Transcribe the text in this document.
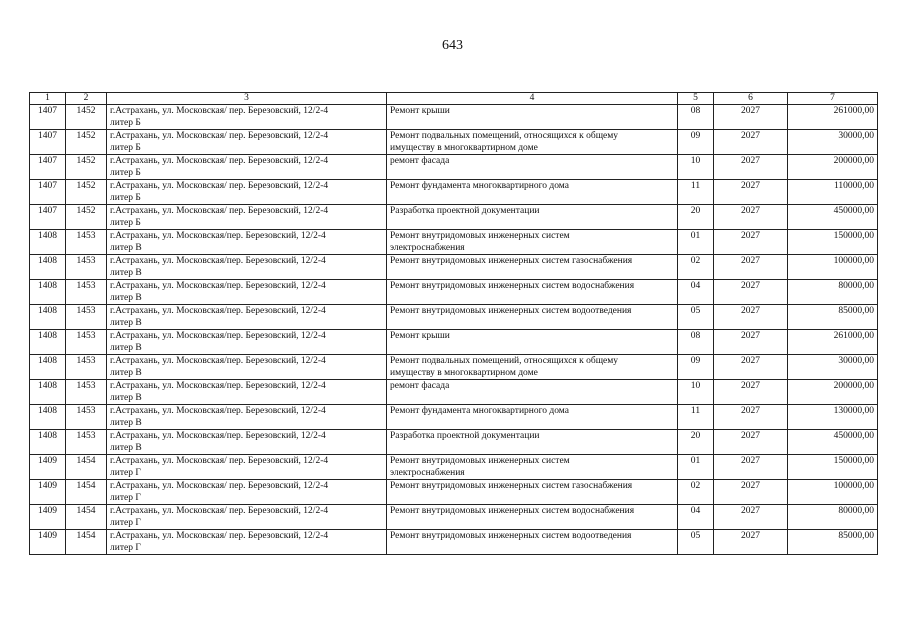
643
1	2	3	4	5	6	7
1407	1452	г.Астрахань, ул. Московская/ пер. Березовский, 12/2-4
литер Б	Ремонт крыши	08	2027	261000,00
1407	1452	г.Астрахань, ул. Московская/ пер. Березовский, 12/2-4
литер Б	Ремонт подвальных помещений, относящихся к общему
имуществу в многоквартирном доме	09	2027	30000,00
1407	1452	г.Астрахань, ул. Московская/ пер. Березовский, 12/2-4
литер Б	ремонт фасада	10	2027	200000,00
1407	1452	г.Астрахань, ул. Московская/ пер. Березовский, 12/2-4
литер Б	Ремонт фундамента многоквартирного дома	11	2027	110000,00
1407	1452	г.Астрахань, ул. Московская/ пер. Березовский, 12/2-4
литер Б	Разработка проектной документации	20	2027	450000,00
1408	1453	г.Астрахань, ул. Московская/пер. Березовский, 12/2-4
литер В	Ремонт внутридомовых инженерных систем
электроснабжения	01	2027	150000,00
1408	1453	г.Астрахань, ул. Московская/пер. Березовский, 12/2-4
литер В	Ремонт внутридомовых инженерных систем газоснабжения	02	2027	100000,00
1408	1453	г.Астрахань, ул. Московская/пер. Березовский, 12/2-4
литер В	Ремонт внутридомовых инженерных систем водоснабжения	04	2027	80000,00
1408	1453	г.Астрахань, ул. Московская/пер. Березовский, 12/2-4
литер В	Ремонт внутридомовых инженерных систем водоотведения	05	2027	85000,00
1408	1453	г.Астрахань, ул. Московская/пер. Березовский, 12/2-4
литер В	Ремонт крыши	08	2027	261000,00
1408	1453	г.Астрахань, ул. Московская/пер. Березовский, 12/2-4
литер В	Ремонт подвальных помещений, относящихся к общему
имуществу в многоквартирном доме	09	2027	30000,00
1408	1453	г.Астрахань, ул. Московская/пер. Березовский, 12/2-4
литер В	ремонт фасада	10	2027	200000,00
1408	1453	г.Астрахань, ул. Московская/пер. Березовский, 12/2-4
литер В	Ремонт фундамента многоквартирного дома	11	2027	130000,00
1408	1453	г.Астрахань, ул. Московская/пер. Березовский, 12/2-4
литер В	Разработка проектной документации	20	2027	450000,00
1409	1454	г.Астрахань, ул. Московская/ пер. Березовский, 12/2-4
литер Г	Ремонт внутридомовых инженерных систем
электроснабжения	01	2027	150000,00
1409	1454	г.Астрахань, ул. Московская/ пер. Березовский, 12/2-4
литер Г	Ремонт внутридомовых инженерных систем газоснабжения	02	2027	100000,00
1409	1454	г.Астрахань, ул. Московская/ пер. Березовский, 12/2-4
литер Г	Ремонт внутридомовых инженерных систем водоснабжения	04	2027	80000,00
1409	1454	г.Астрахань, ул. Московская/ пер. Березовский, 12/2-4
литер Г	Ремонт внутридомовых инженерных систем водоотведения	05	2027	85000,00
